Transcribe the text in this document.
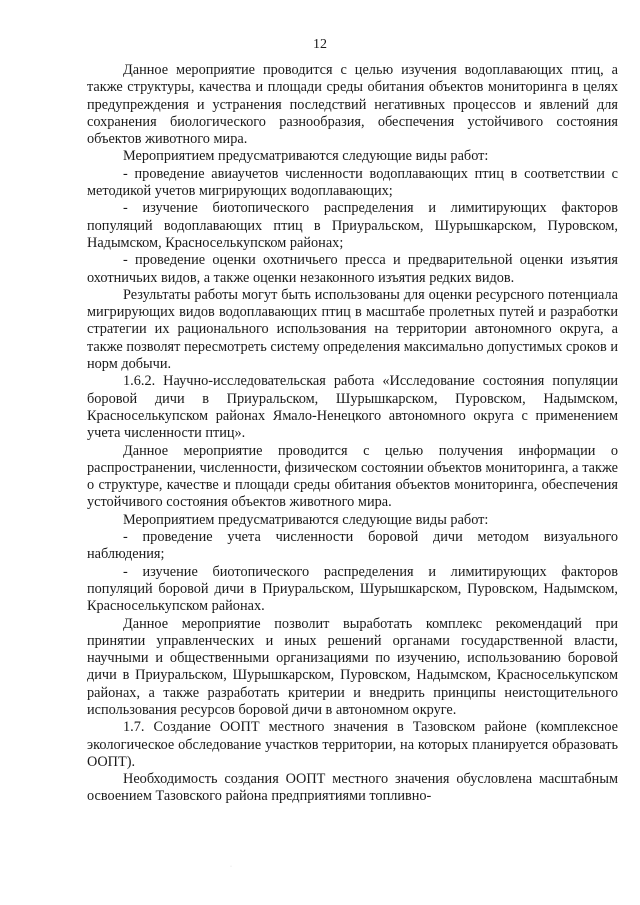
12

Данное мероприятие проводится с целью изучения водоплавающих птиц, а также структуры, качества и площади среды обитания объектов мониторинга в целях предупреждения и устранения последствий негативных процессов и явлений для сохранения биологического разнообразия, обеспечения устойчивого состояния объектов животного мира.

Мероприятием предусматриваются следующие виды работ:

- проведение авиаучетов численности водоплавающих птиц в соответствии с методикой учетов мигрирующих водоплавающих;

- изучение биотопического распределения и лимитирующих факторов популяций водоплавающих птиц в Приуральском, Шурышкарском, Пуровском, Надымском, Красноселькупском районах;

- проведение оценки охотничьего пресса и предварительной оценки изъятия охотничьих видов, а также оценки незаконного изъятия редких видов.

Результаты работы могут быть использованы для оценки ресурсного потенциала мигрирующих видов водоплавающих птиц в масштабе пролетных путей и разработки стратегии их рационального использования на территории автономного округа, а также позволят пересмотреть систему определения максимально допустимых сроков и норм добычи.

1.6.2. Научно-исследовательская работа «Исследование состояния популяции боровой дичи в Приуральском, Шурышкарском, Пуровском, Надымском, Красноселькупском районах Ямало-Ненецкого автономного округа с применением учета численности птиц».

Данное мероприятие проводится с целью получения информации о распространении, численности, физическом состоянии объектов мониторинга, а также о структуре, качестве и площади среды обитания объектов мониторинга, обеспечения устойчивого состояния объектов животного мира.

Мероприятием предусматриваются следующие виды работ:

- проведение учета численности боровой дичи методом визуального наблюдения;

- изучение биотопического распределения и лимитирующих факторов популяций боровой дичи в Приуральском, Шурышкарском, Пуровском, Надымском, Красноселькупском районах.

Данное мероприятие позволит выработать комплекс рекомендаций при принятии управленческих и иных решений органами государственной власти, научными и общественными организациями по изучению, использованию боровой дичи в Приуральском, Шурышкарском, Пуровском, Надымском, Красноселькупском районах, а также разработать критерии и внедрить принципы неистощительного использования ресурсов боровой дичи в автономном округе.

1.7. Создание ООПТ местного значения в Тазовском районе (комплексное экологическое обследование участков территории, на которых планируется образовать ООПТ).

Необходимость создания ООПТ местного значения обусловлена масштабным освоением Тазовского района предприятиями топливно-

·
